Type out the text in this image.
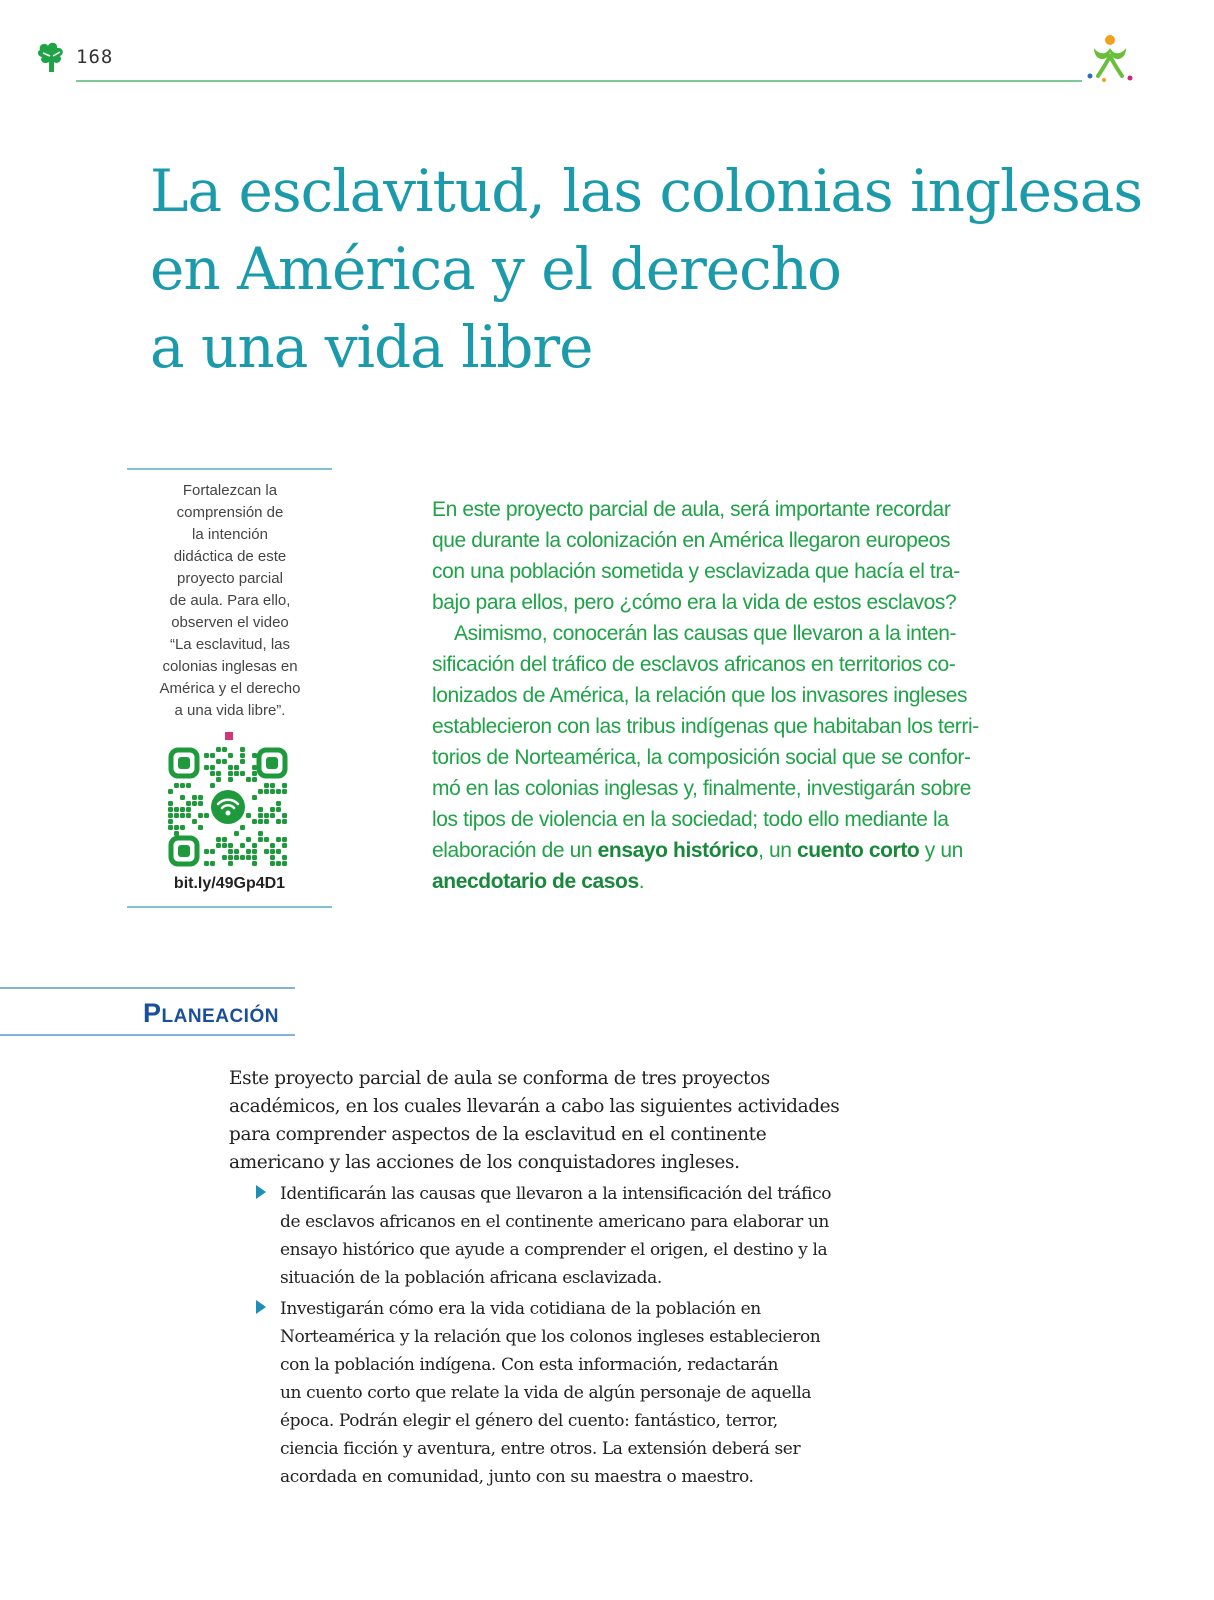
168
La esclavitud, las colonias inglesas
en América y el derecho
a una vida libre

Fortalezcan la
comprensión de
la intención
didáctica de este
proyecto parcial
de aula. Para ello,
observen el video
“La esclavitud, las
colonias inglesas en
América y el derecho
a una vida libre”.

bit.ly/49Gp4D1

En este proyecto parcial de aula, será importante recordar
que durante la colonización en América llegaron europeos
con una población sometida y esclavizada que hacía el tra-
bajo para ellos, pero ¿cómo era la vida de estos esclavos?
Asimismo, conocerán las causas que llevaron a la inten-
sificación del tráfico de esclavos africanos en territorios co-
lonizados de América, la relación que los invasores ingleses
establecieron con las tribus indígenas que habitaban los terri-
torios de Norteamérica, la composición social que se confor-
mó en las colonias inglesas y, finalmente, investigarán sobre
los tipos de violencia en la sociedad; todo ello mediante la
elaboración de un ensayo histórico, un cuento corto y un
anecdotario de casos.

Planeación

Este proyecto parcial de aula se conforma de tres proyectos
académicos, en los cuales llevarán a cabo las siguientes actividades
para comprender aspectos de la esclavitud en el continente
americano y las acciones de los conquistadores ingleses.

Identificarán las causas que llevaron a la intensificación del tráfico
de esclavos africanos en el continente americano para elaborar un
ensayo histórico que ayude a comprender el origen, el destino y la
situación de la población africana esclavizada.

Investigarán cómo era la vida cotidiana de la población en
Norteamérica y la relación que los colonos ingleses establecieron
con la población indígena. Con esta información, redactarán
un cuento corto que relate la vida de algún personaje de aquella
época. Podrán elegir el género del cuento: fantástico, terror,
ciencia ficción y aventura, entre otros. La extensión deberá ser
acordada en comunidad, junto con su maestra o maestro.
